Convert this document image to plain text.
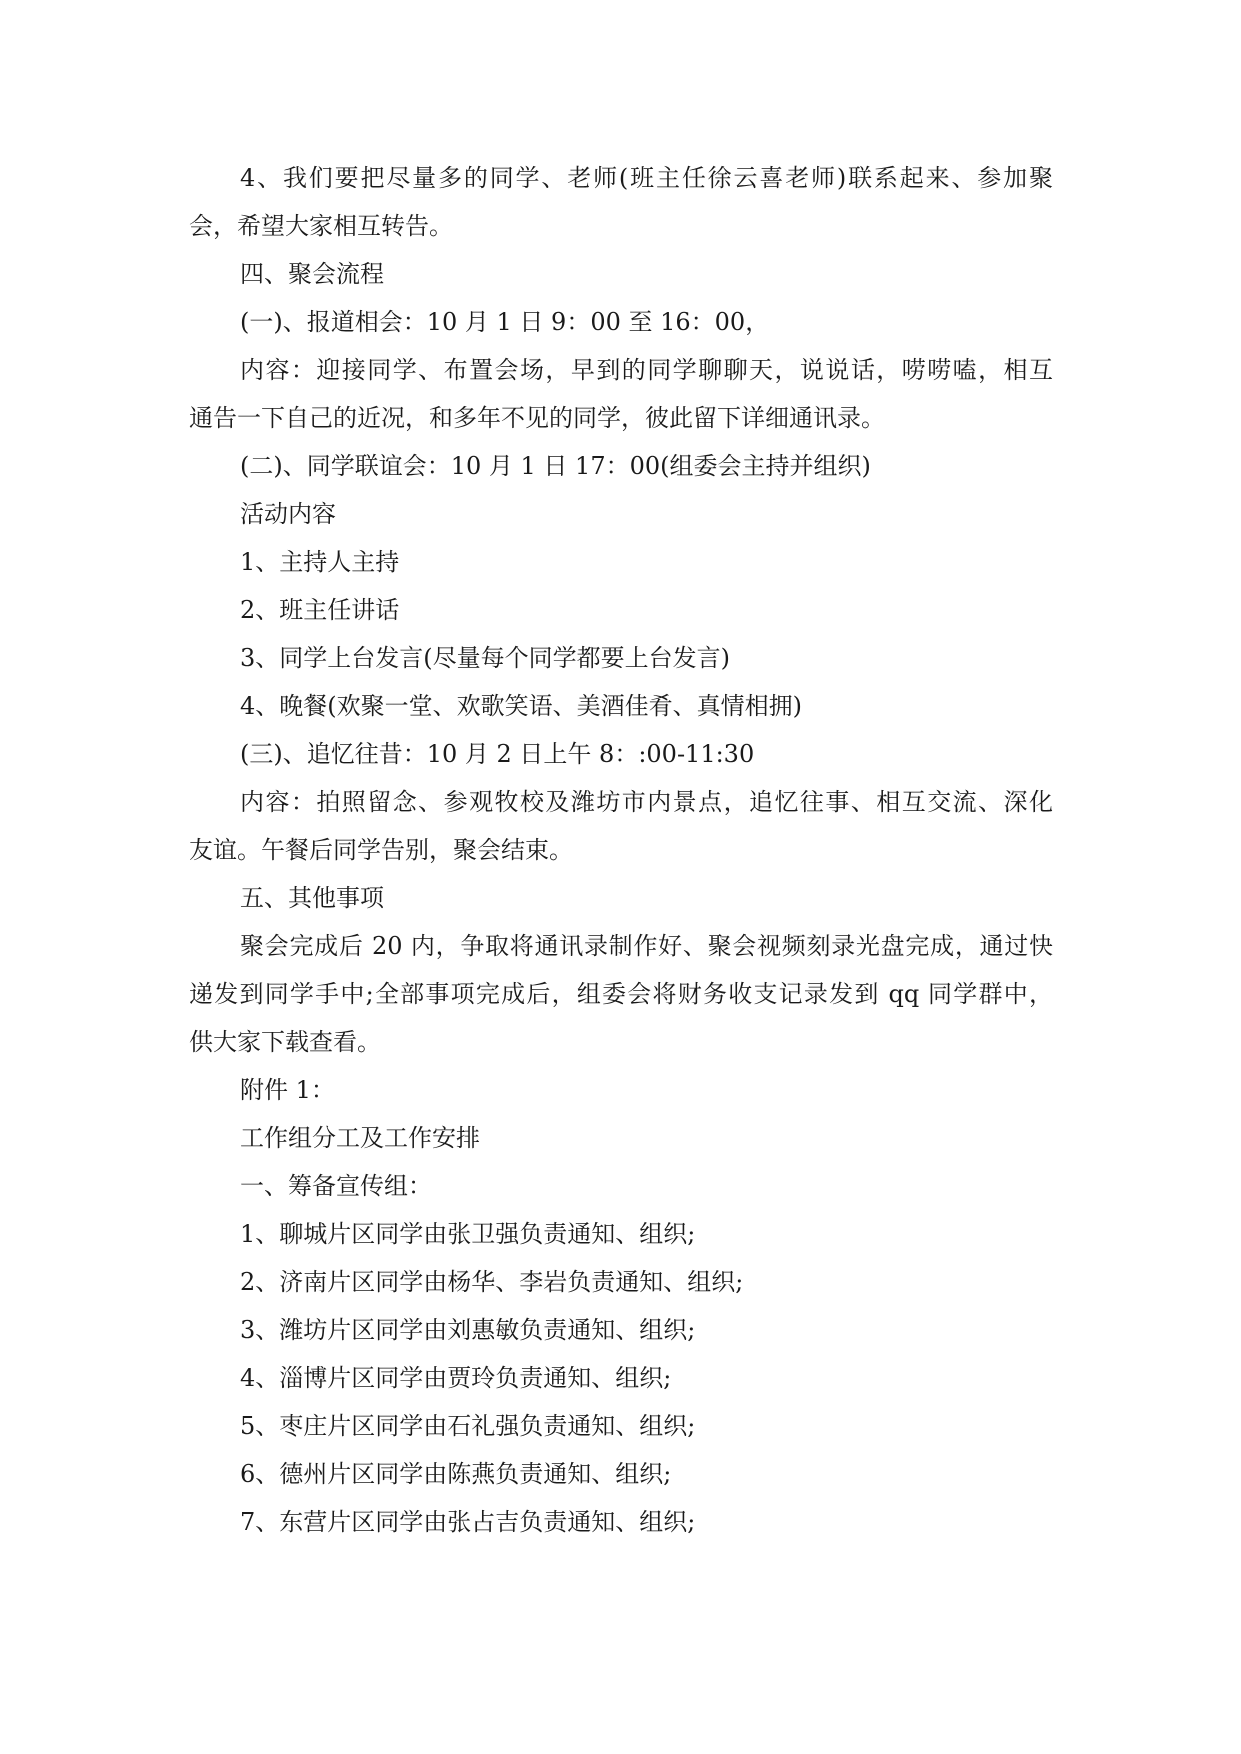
4、我们要把尽量多的同学、老师(班主任徐云喜老师)联系起来、参加聚
会，希望大家相互转告。
四、聚会流程
(一)、报道相会：10 月 1 日 9：00 至 16：00，
内容：迎接同学、布置会场，早到的同学聊聊天，说说话，唠唠嗑，相互
通告一下自己的近况，和多年不见的同学，彼此留下详细通讯录。
(二)、同学联谊会：10 月 1 日 17：00(组委会主持并组织)
活动内容
1、主持人主持
2、班主任讲话
3、同学上台发言(尽量每个同学都要上台发言)
4、晚餐(欢聚一堂、欢歌笑语、美酒佳肴、真情相拥)
(三)、追忆往昔：10 月 2 日上午 8：:00-11:30
内容：拍照留念、参观牧校及潍坊市内景点，追忆往事、相互交流、深化
友谊。午餐后同学告别，聚会结束。
五、其他事项
聚会完成后 20 内，争取将通讯录制作好、聚会视频刻录光盘完成，通过快
递发到同学手中;全部事项完成后，组委会将财务收支记录发到 qq 同学群中，
供大家下载查看。
附件 1：
工作组分工及工作安排
一、筹备宣传组：
1、聊城片区同学由张卫强负责通知、组织;
2、济南片区同学由杨华、李岩负责通知、组织;
3、潍坊片区同学由刘惠敏负责通知、组织;
4、淄博片区同学由贾玲负责通知、组织;
5、枣庄片区同学由石礼强负责通知、组织;
6、德州片区同学由陈燕负责通知、组织;
7、东营片区同学由张占吉负责通知、组织;
